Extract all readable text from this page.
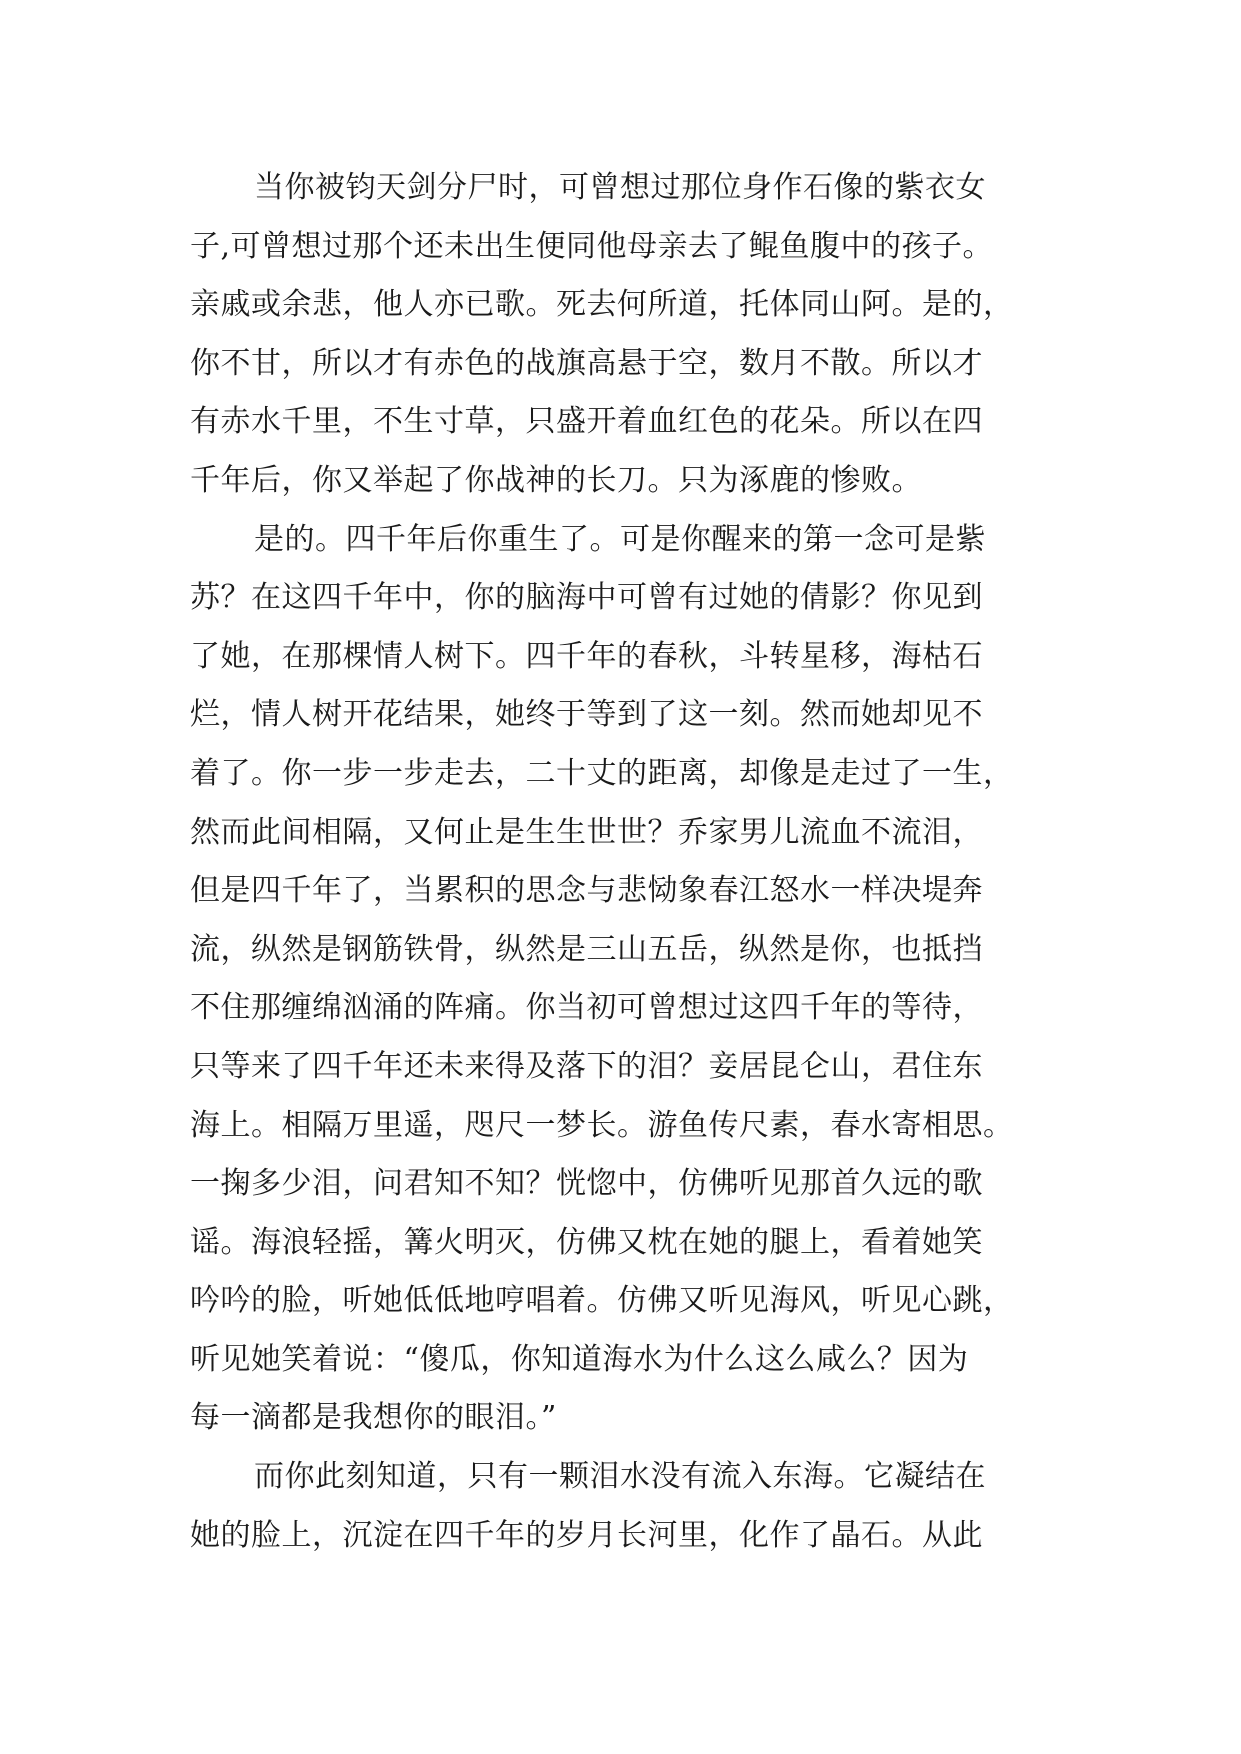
当你被钧天剑分尸时，可曾想过那位身作石像的紫衣女
子,可曾想过那个还未出生便同他母亲去了鲲鱼腹中的孩子。
亲戚或余悲，他人亦已歌。死去何所道，托体同山阿。是的，
你不甘，所以才有赤色的战旗高悬于空，数月不散。所以才
有赤水千里，不生寸草，只盛开着血红色的花朵。所以在四
千年后，你又举起了你战神的长刀。只为涿鹿的惨败。
是的。四千年后你重生了。可是你醒来的第一念可是紫
苏？在这四千年中，你的脑海中可曾有过她的倩影？你见到
了她，在那棵情人树下。四千年的春秋，斗转星移，海枯石
烂，情人树开花结果，她终于等到了这一刻。然而她却见不
着了。你一步一步走去，二十丈的距离，却像是走过了一生，
然而此间相隔，又何止是生生世世？乔家男儿流血不流泪，
但是四千年了，当累积的思念与悲恸象春江怒水一样决堤奔
流，纵然是钢筋铁骨，纵然是三山五岳，纵然是你，也抵挡
不住那缠绵汹涌的阵痛。你当初可曾想过这四千年的等待，
只等来了四千年还未来得及落下的泪？妾居昆仑山，君住东
海上。相隔万里遥，咫尺一梦长。游鱼传尺素，春水寄相思。
一掬多少泪，问君知不知？恍惚中，仿佛听见那首久远的歌
谣。海浪轻摇，篝火明灭，仿佛又枕在她的腿上，看着她笑
吟吟的脸，听她低低地哼唱着。仿佛又听见海风，听见心跳，
听见她笑着说：“傻瓜，你知道海水为什么这么咸么？因为
每一滴都是我想你的眼泪。”
而你此刻知道，只有一颗泪水没有流入东海。它凝结在
她的脸上，沉淀在四千年的岁月长河里，化作了晶石。从此
